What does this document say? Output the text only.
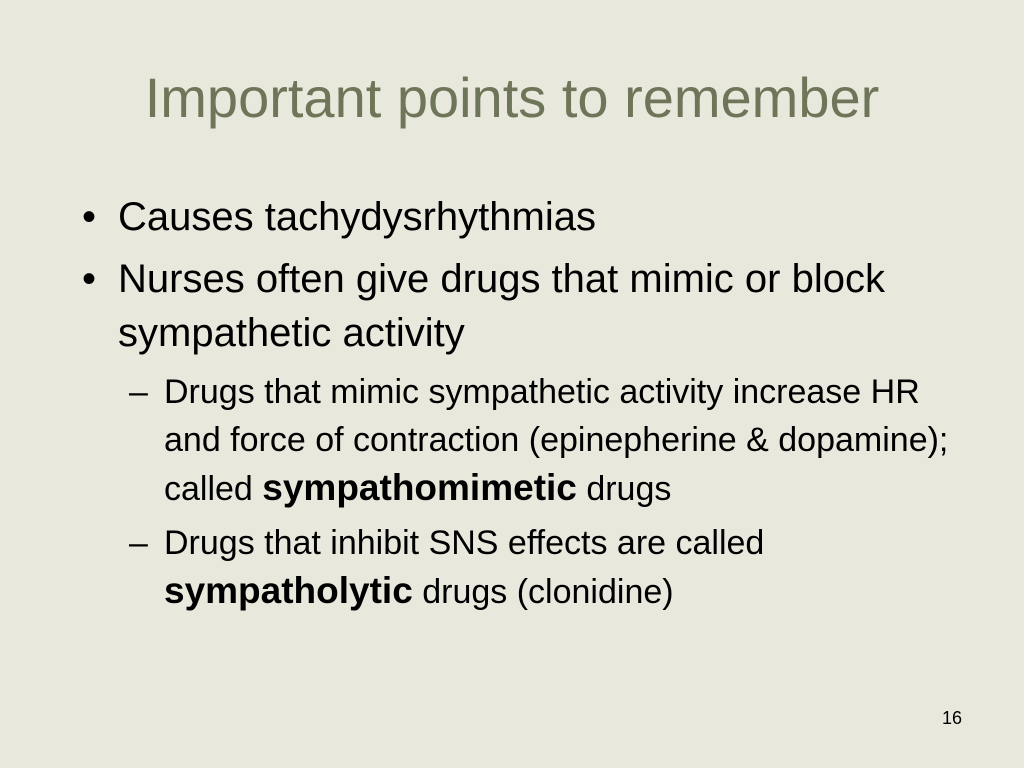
Important points to remember
• Causes tachydysrhythmias
• Nurses often give drugs that mimic or block sympathetic activity
– Drugs that mimic sympathetic activity increase HR and force of contraction (epinepherine & dopamine); called sympathomimetic drugs
– Drugs that inhibit SNS effects are called sympatholytic drugs (clonidine)
16
